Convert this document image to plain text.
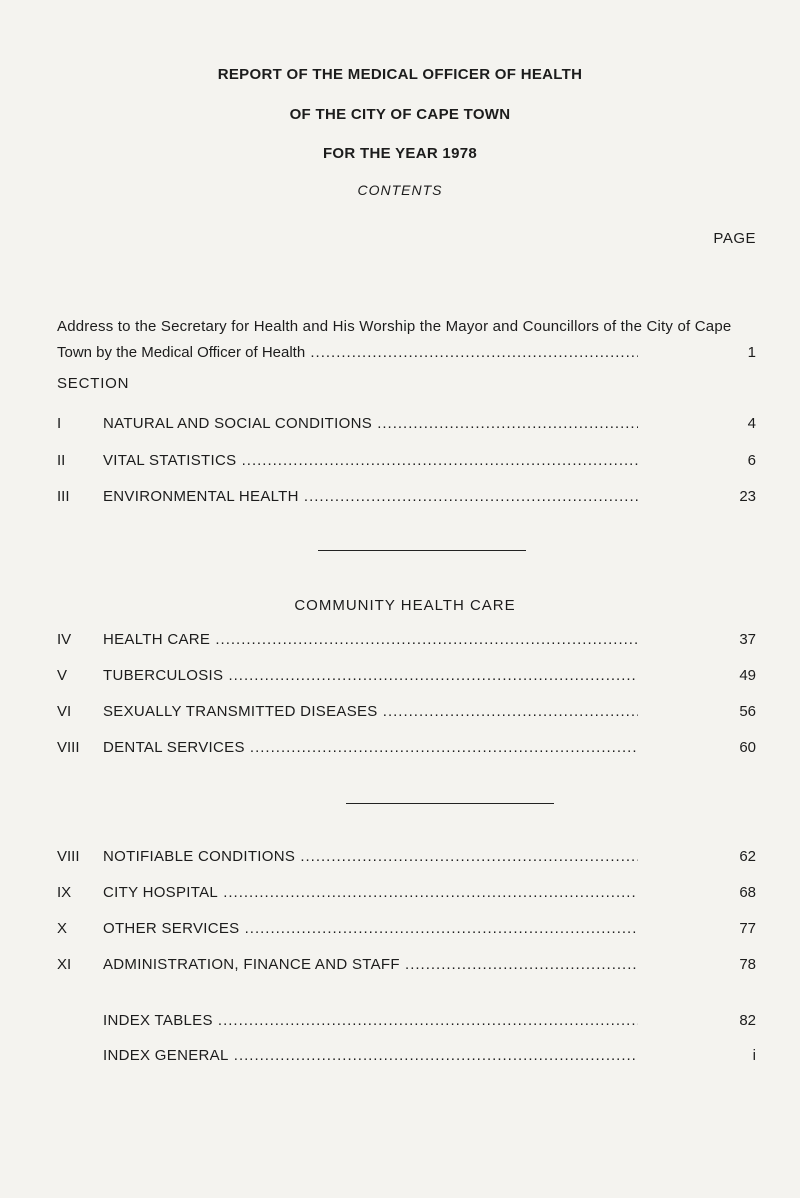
REPORT OF THE MEDICAL OFFICER OF HEALTH
OF THE CITY OF CAPE TOWN
FOR THE YEAR 1978
CONTENTS
PAGE
Address to the Secretary for Health and His Worship the Mayor and Councillors of the City of Cape
Town by the Medical Officer of Health .....	1
SECTION
I	NATURAL AND SOCIAL CONDITIONS .....	4
II	VITAL STATISTICS .....	6
III ENVIRONMENTAL HEALTH .....	23
COMMUNITY HEALTH CARE
IV HEALTH CARE .....	37
V TUBERCULOSIS .....	49
VI SEXUALLY TRANSMITTED DISEASES .....	56
VIII DENTAL SERVICES .....	60
VIII NOTIFIABLE CONDITIONS .....	62
IX CITY HOSPITAL .....	68
X OTHER SERVICES .....	77
XI ADMINISTRATION, FINANCE AND STAFF .....	78
INDEX TABLES .....	82
INDEX GENERAL .....	i
